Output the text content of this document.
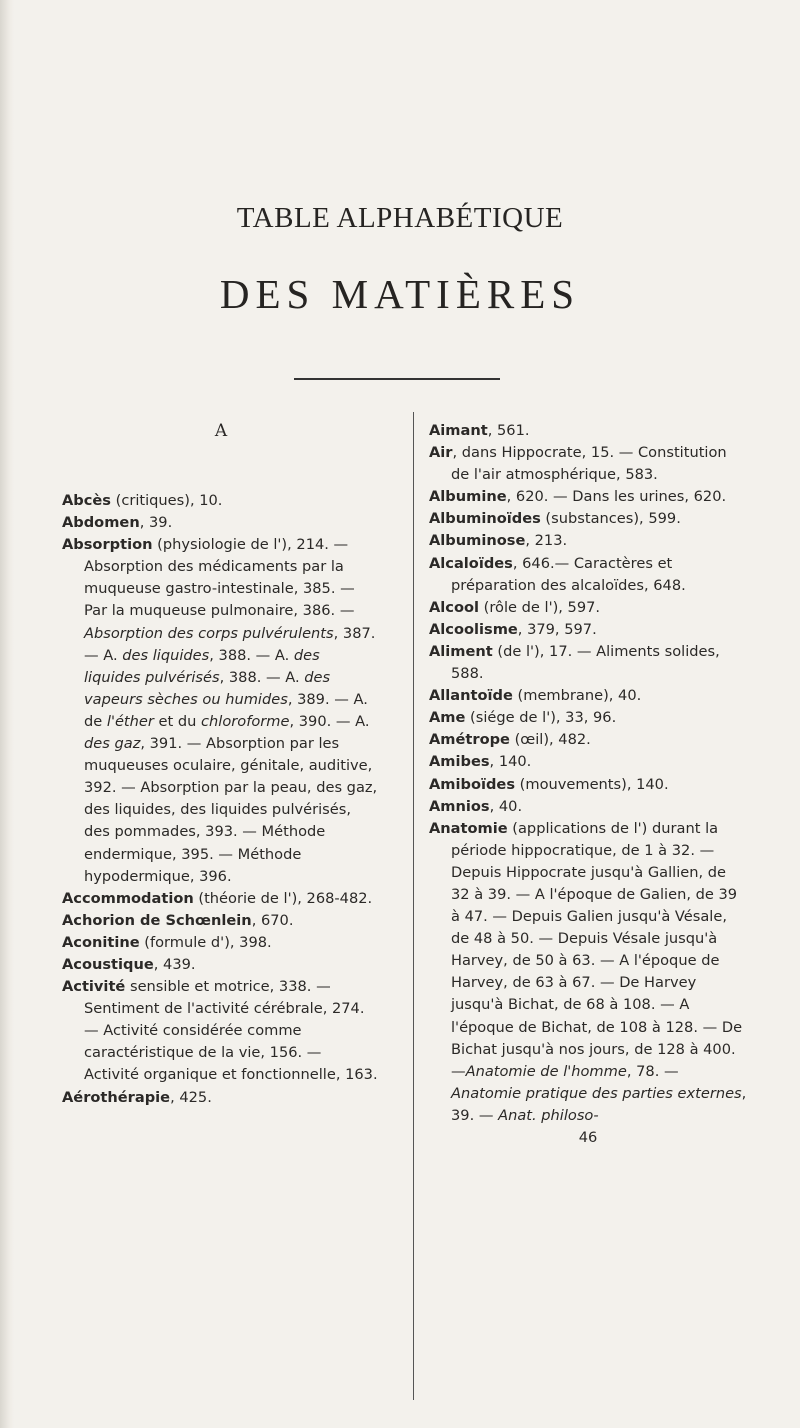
TABLE ALPHABÉTIQUE
DES MATIÈRES
A

Abcès (critiques), 10.

Abdomen, 39.

Absorption (physiologie de l'), 214. — Absorption des médicaments par la muqueuse gastro-intestinale, 385. — Par la muqueuse pulmonaire, 386. —Absorption des corps pulvérulents, 387. — A. des liquides, 388. — A. des liquides pulvérisés, 388. — A. des vapeurs sèches ou humides, 389. — A. de l'éther et du chloroforme, 390. — A. des gaz, 391. — Absorption par les muqueuses oculaire, génitale, auditive, 392. — Absorption par la peau, des gaz, des liquides, des liquides pulvérisés, des pommades, 393. — Méthode endermique, 395. — Méthode hypodermique, 396.

Accommodation (théorie de l'), 268-482.

Achorion de Schœnlein, 670.

Aconitine (formule d'), 398.

Acoustique, 439.

Activité sensible et motrice, 338. — Sentiment de l'activité cérébrale, 274. — Activité considérée comme caractéristique de la vie, 156. — Activité organique et fonctionnelle, 163.

Aérothérapie, 425.

Aimant, 561.

Air, dans Hippocrate, 15. — Constitution de l'air atmosphérique, 583.

Albumine, 620. — Dans les urines, 620.

Albuminoïdes (substances), 599.

Albuminose, 213.

Alcaloïdes, 646.— Caractères et préparation des alcaloïdes, 648.

Alcool (rôle de l'), 597.

Alcoolisme, 379, 597.

Aliment (de l'), 17. — Aliments solides, 588.

Allantoïde (membrane), 40.

Ame (siége de l'), 33, 96.

Amétrope (œil), 482.

Amibes, 140.

Amiboïdes (mouvements), 140.

Amnios, 40.

Anatomie (applications de l') durant la période hippocratique, de 1 à 32. — Depuis Hippocrate jusqu'à Gallien, de 32 à 39. — A l'époque de Galien, de 39 à 47. — Depuis Galien jusqu'à Vésale, de 48 à 50. — Depuis Vésale jusqu'à Harvey, de 50 à 63. — A l'époque de Harvey, de 63 à 67. — De Harvey jusqu'à Bichat, de 68 à 108. — A l'époque de Bichat, de 108 à 128. — De Bichat jusqu'à nos jours, de 128 à 400. —Anatomie de l'homme, 78. — Anatomie pratique des parties externes, 39. — Anat. philoso-

46
